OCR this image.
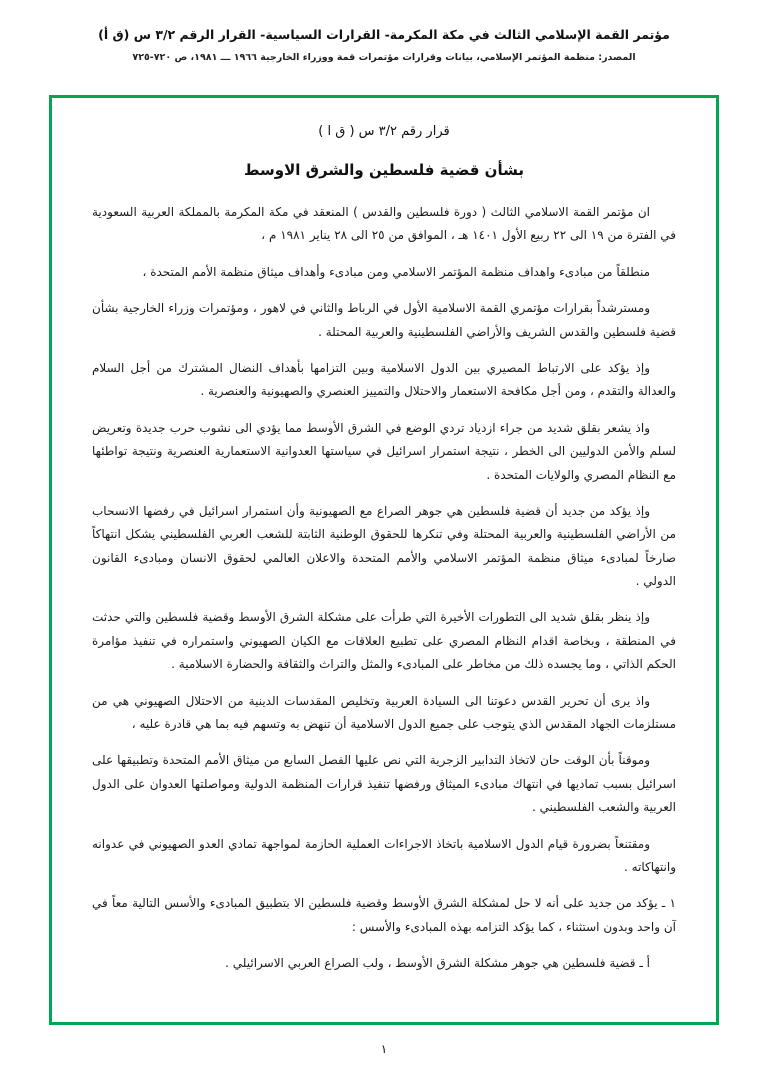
مؤتمر القمة الإسلامي الثالث في مكة المكرمة- القرارات السياسية- القرار الرقم ٣/٢ س (ق أ)
المصدر: منظمة المؤتمر الإسلامي، بيانات وقرارات مؤتمرات قمة ووزراء الخارجية ١٩٦٦ ـــ ١٩٨١، ص ٧٢٠-٧٢٥
قرار رقم ٣/٢ س ( ق ا )
بشأن قضية فلسطين والشرق الاوسط

ان مؤتمر القمة الاسلامي الثالث ( دورة فلسطين والقدس ) المنعقد في مكة المكرمة بالمملكة العربية السعودية في الفترة من ١٩ الى ٢٢ ربيع الأول ١٤٠١ هـ ، الموافق من ٢٥ الى ٢٨ يناير ١٩٨١ م ،

منطلقاً من مبادىء واهداف منظمة المؤتمر الاسلامي ومن مبادىء وأهداف ميثاق منظمة الأمم المتحدة ،

ومسترشداً بقرارات مؤتمري القمة الاسلامية الأول في الرباط والثاني في لاهور ، ومؤتمرات وزراء الخارجية بشأن قضية فلسطين والقدس الشريف والأراضي الفلسطينية والعربية المحتلة .

وإذ يؤكد على الارتباط المصيري بين الدول الاسلامية وبين التزامها بأهداف النضال المشترك من أجل السلام والعدالة والتقدم ، ومن أجل مكافحة الاستعمار والاحتلال والتمييز العنصري والصهيونية والعنصرية .

واذ يشعر بقلق شديد من جراء ازدياد تردي الوضع في الشرق الأوسط مما يؤدي الى نشوب حرب جديدة وتعريض لسلم والأمن الدوليين الى الخطر ، نتيجة استمرار اسرائيل في سياستها العدوانية الاستعمارية العنصرية ونتيجة تواطئها مع النظام المصري والولايات المتحدة .

وإذ يؤكد من جديد أن قضية فلسطين هي جوهر الصراع مع الصهيونية وأن استمرار اسرائيل في رفضها الانسحاب من الأراضي الفلسطينية والعربية المحتلة وفي تنكرها للحقوق الوطنية الثابتة للشعب العربي الفلسطيني يشكل انتهاكاً صارخاً لمبادىء ميثاق منظمة المؤتمر الاسلامي والأمم المتحدة والاعلان العالمي لحقوق الانسان ومبادىء القانون الدولي .

وإذ ينظر بقلق شديد الى التطورات الأخيرة التي طرأت على مشكلة الشرق الأوسط وقضية فلسطين والتي حدثت في المنطقة ، وبخاصة اقدام النظام المصري على تطبيع العلاقات مع الكيان الصهيوني واستمراره في تنفيذ مؤامرة الحكم الذاتي ، وما يجسده ذلك من مخاطر على المبادىء والمثل والتراث والثقافة والحضارة الاسلامية .

واذ يرى أن تحرير القدس دعوتنا الى السيادة العربية وتخليص المقدسات الدينية من الاحتلال الصهيوني هي من مستلزمات الجهاد المقدس الذي يتوجب على جميع الدول الاسلامية أن تنهض به وتسهم فيه بما هي قادرة عليه ،

وموقناً بأن الوقت حان لاتخاذ التدابير الزجرية التي نص عليها الفصل السابع من ميثاق الأمم المتحدة وتطبيقها على اسرائيل بسبب تماديها في انتهاك مبادىء الميثاق ورفضها تنفيذ قرارات المنظمة الدولية ومواصلتها العدوان على الدول العربية والشعب الفلسطيني .

ومقتنعاً بضرورة قيام الدول الاسلامية باتخاذ الاجراءات العملية الحازمة لمواجهة تمادي العدو الصهيوني في عدوانه وانتهاكاته .

١ ـ يؤكد من جديد على أنه لا حل لمشكلة الشرق الأوسط وقضية فلسطين الا بتطبيق المبادىء والأسس التالية معاً في آن واحد وبدون استثناء ، كما يؤكد التزامه بهذه المبادىء والأسس :

أ ـ قضية فلسطين هي جوهر مشكلة الشرق الأوسط ، ولب الصراع العربي الاسرائيلي .

١
